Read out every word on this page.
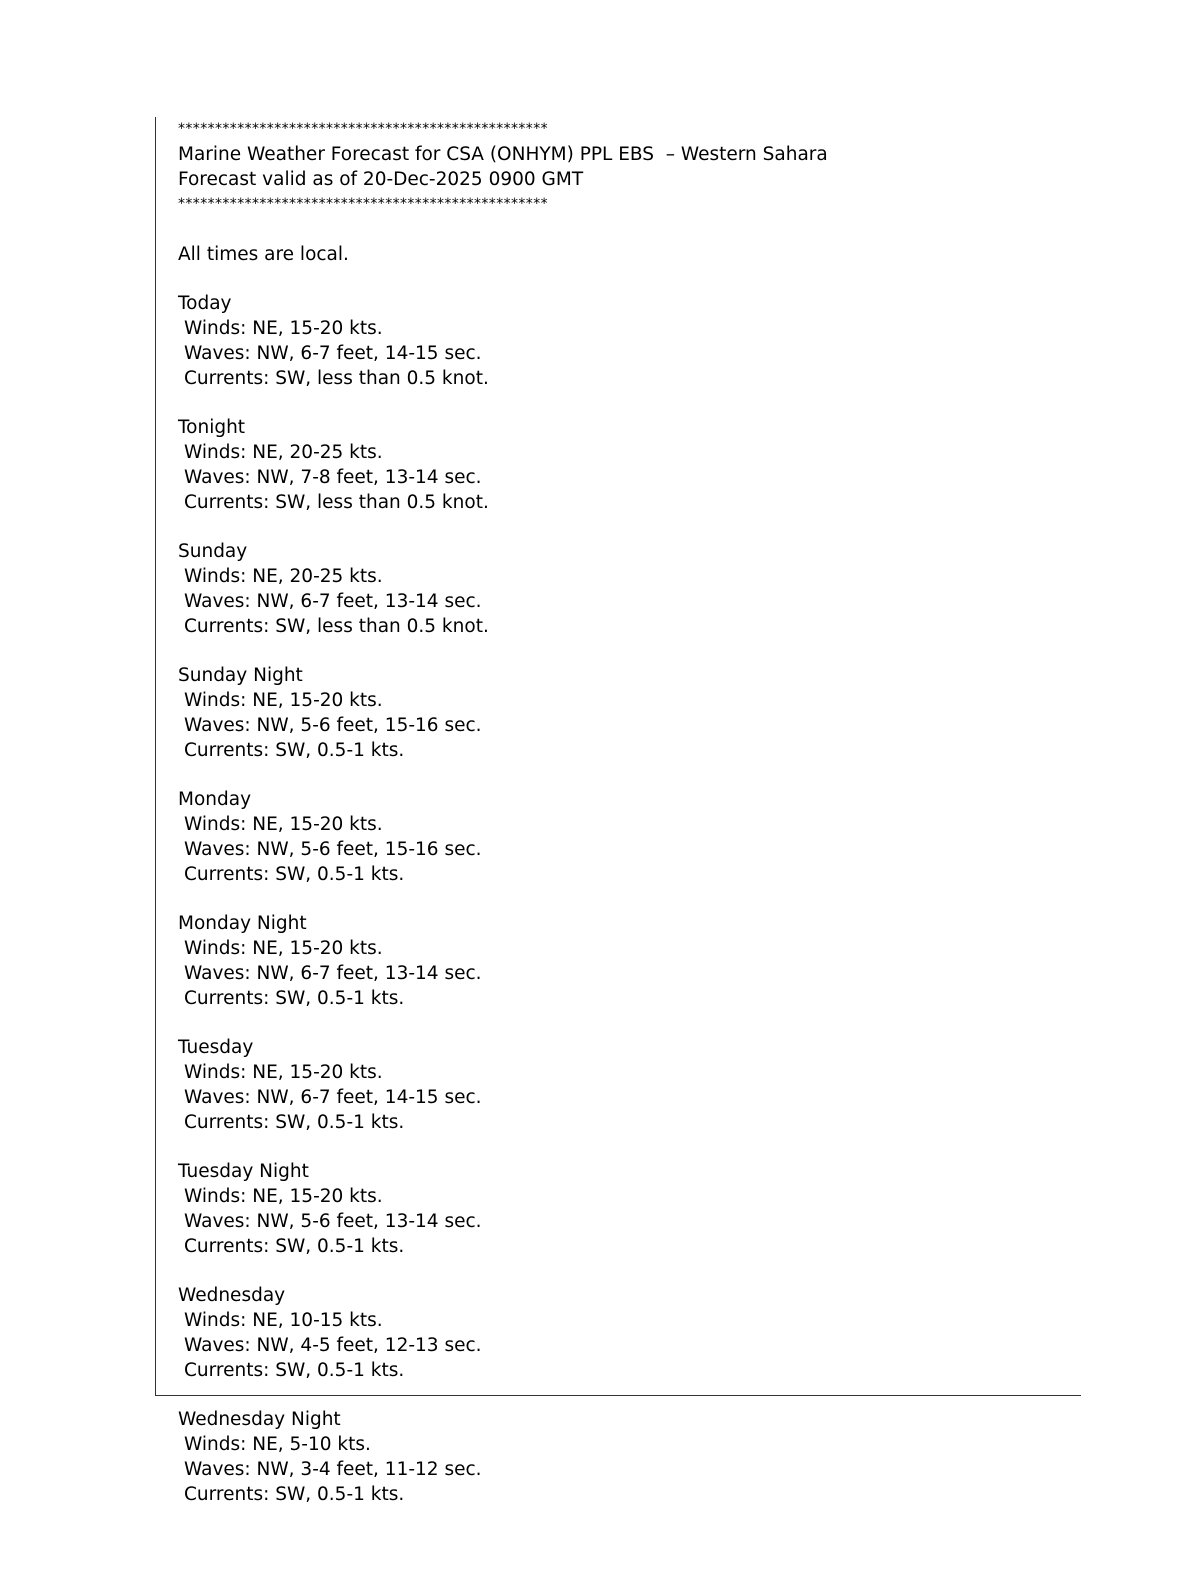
**************************************************
Marine Weather Forecast for CSA (ONHYM) PPL EBS  – Western Sahara
Forecast valid as of 20-Dec-2025 0900 GMT
**************************************************
All times are local.
Today
Winds: NE, 15-20 kts.
Waves: NW, 6-7 feet, 14-15 sec.
Currents: SW, less than 0.5 knot.
Tonight
Winds: NE, 20-25 kts.
Waves: NW, 7-8 feet, 13-14 sec.
Currents: SW, less than 0.5 knot.
Sunday
Winds: NE, 20-25 kts.
Waves: NW, 6-7 feet, 13-14 sec.
Currents: SW, less than 0.5 knot.
Sunday Night
Winds: NE, 15-20 kts.
Waves: NW, 5-6 feet, 15-16 sec.
Currents: SW, 0.5-1 kts.
Monday
Winds: NE, 15-20 kts.
Waves: NW, 5-6 feet, 15-16 sec.
Currents: SW, 0.5-1 kts.
Monday Night
Winds: NE, 15-20 kts.
Waves: NW, 6-7 feet, 13-14 sec.
Currents: SW, 0.5-1 kts.
Tuesday
Winds: NE, 15-20 kts.
Waves: NW, 6-7 feet, 14-15 sec.
Currents: SW, 0.5-1 kts.
Tuesday Night
Winds: NE, 15-20 kts.
Waves: NW, 5-6 feet, 13-14 sec.
Currents: SW, 0.5-1 kts.
Wednesday
Winds: NE, 10-15 kts.
Waves: NW, 4-5 feet, 12-13 sec.
Currents: SW, 0.5-1 kts.
Wednesday Night
Winds: NE, 5-10 kts.
Waves: NW, 3-4 feet, 11-12 sec.
Currents: SW, 0.5-1 kts.
